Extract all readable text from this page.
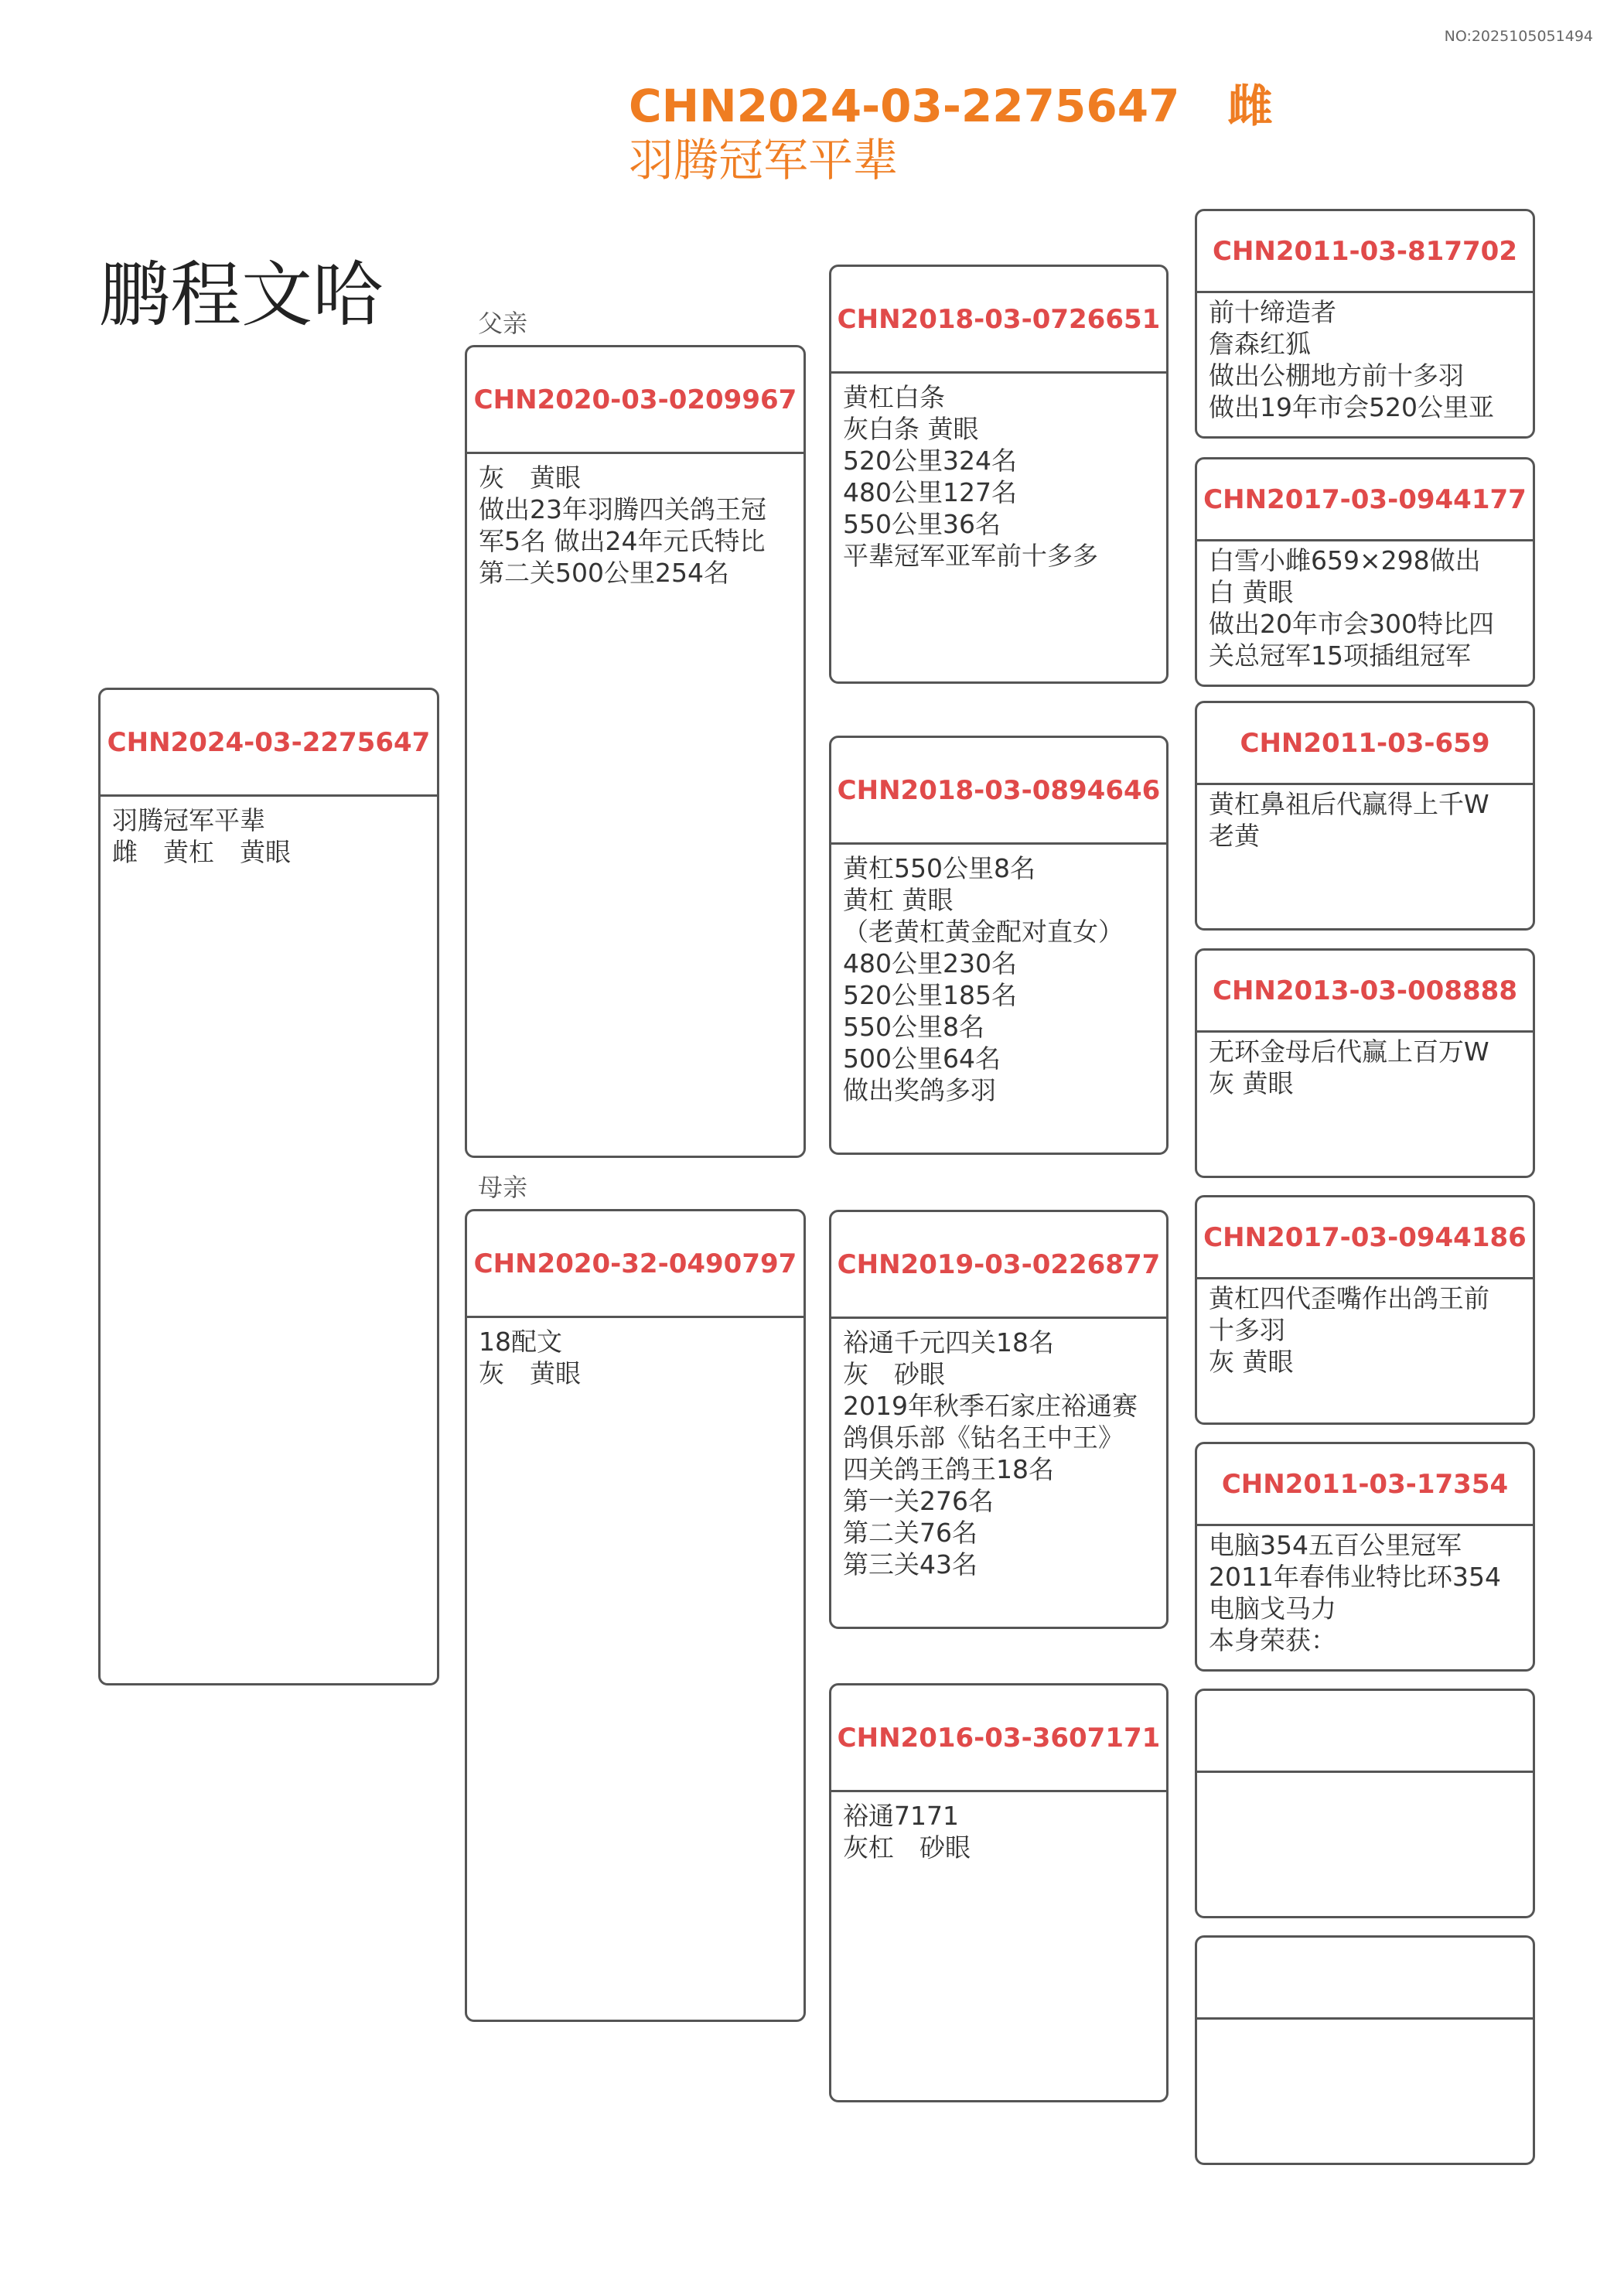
NO:2025105051494
CHN2024-03-2275647 雌
羽腾冠军平辈
鹏程文哈	父亲
母亲
CHN2024-03-2275647
羽腾冠军平辈
雌　黄杠　黄眼
CHN2020-03-0209967
灰　黄眼
做出23年羽腾四关鸽王冠
军5名 做出24年元氏特比
第二关500公里254名
CHN2020-32-0490797
18配文
灰　黄眼
CHN2018-03-0726651
黄杠白条
灰白条 黄眼
520公里324名
480公里127名
550公里36名
平辈冠军亚军前十多多
CHN2018-03-0894646
黄杠550公里8名
黄杠 黄眼
（老黄杠黄金配对直女）
480公里230名
520公里185名
550公里8名
500公里64名
做出奖鸽多羽
CHN2019-03-0226877
裕通千元四关18名
灰　砂眼
2019年秋季石家庄裕通赛
鸽俱乐部《钻名王中王》
四关鸽王鸽王18名
第一关276名
第二关76名
第三关43名
CHN2016-03-3607171
裕通7171
灰杠　砂眼
CHN2011-03-817702
前十缔造者
詹森红狐
做出公棚地方前十多羽
做出19年市会520公里亚
CHN2017-03-0944177
白雪小雌659×298做出
白 黄眼
做出20年市会300特比四
关总冠军15项插组冠军
CHN2011-03-659
黄杠鼻祖后代赢得上千W
老黄
CHN2013-03-008888
无环金母后代赢上百万W
灰 黄眼
CHN2017-03-0944186
黄杠四代歪嘴作出鸽王前
十多羽
灰 黄眼
CHN2011-03-17354
电脑354五百公里冠军
2011年春伟业特比环354
电脑戈马力
本身荣获：
